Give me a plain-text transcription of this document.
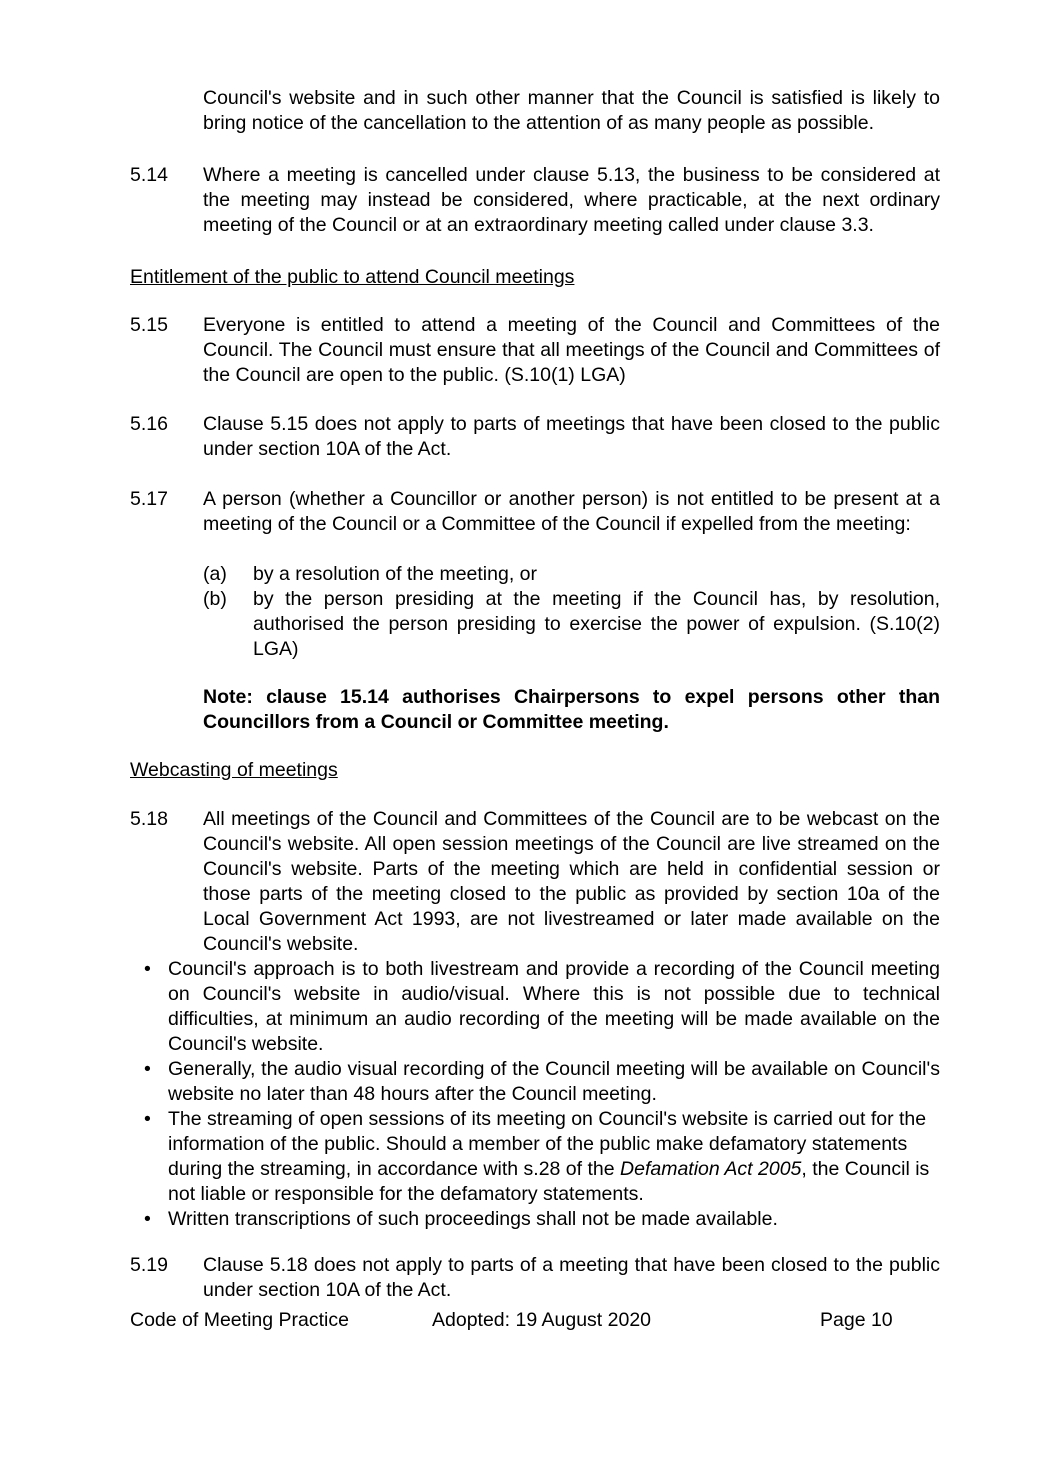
Council's website and in such other manner that the Council is satisfied is likely to bring notice of the cancellation to the attention of as many people as possible.
5.14	Where a meeting is cancelled under clause 5.13, the business to be considered at the meeting may instead be considered, where practicable, at the next ordinary meeting of the Council or at an extraordinary meeting called under clause 3.3.
Entitlement of the public to attend Council meetings
5.15	Everyone is entitled to attend a meeting of the Council and Committees of the Council. The Council must ensure that all meetings of the Council and Committees of the Council are open to the public. (S.10(1) LGA)
5.16	Clause 5.15 does not apply to parts of meetings that have been closed to the public under section 10A of the Act.
5.17	A person (whether a Councillor or another person) is not entitled to be present at a meeting of the Council or a Committee of the Council if expelled from the meeting:
(a)	by a resolution of the meeting, or
(b)	by the person presiding at the meeting if the Council has, by resolution, authorised the person presiding to exercise the power of expulsion. (S.10(2) LGA)
Note: clause 15.14 authorises Chairpersons to expel persons other than Councillors from a Council or Committee meeting.
Webcasting of meetings
5.18	All meetings of the Council and Committees of the Council are to be webcast on the Council's website. All open session meetings of the Council are live streamed on the Council's website. Parts of the meeting which are held in confidential session or those parts of the meeting closed to the public as provided by section 10a of the Local Government Act 1993, are not livestreamed or later made available on the Council's website.
• Council's approach is to both livestream and provide a recording of the Council meeting on Council's website in audio/visual. Where this is not possible due to technical difficulties, at minimum an audio recording of the meeting will be made available on the Council's website.
• Generally, the audio visual recording of the Council meeting will be available on Council's website no later than 48 hours after the Council meeting.
• The streaming of open sessions of its meeting on Council's website is carried out for the information of the public. Should a member of the public make defamatory statements during the streaming, in accordance with s.28 of the Defamation Act 2005, the Council is not liable or responsible for the defamatory statements.
• Written transcriptions of such proceedings shall not be made available.
5.19	Clause 5.18 does not apply to parts of a meeting that have been closed to the public under section 10A of the Act.
Code of Meeting Practice	Adopted: 19 August 2020	Page 10
